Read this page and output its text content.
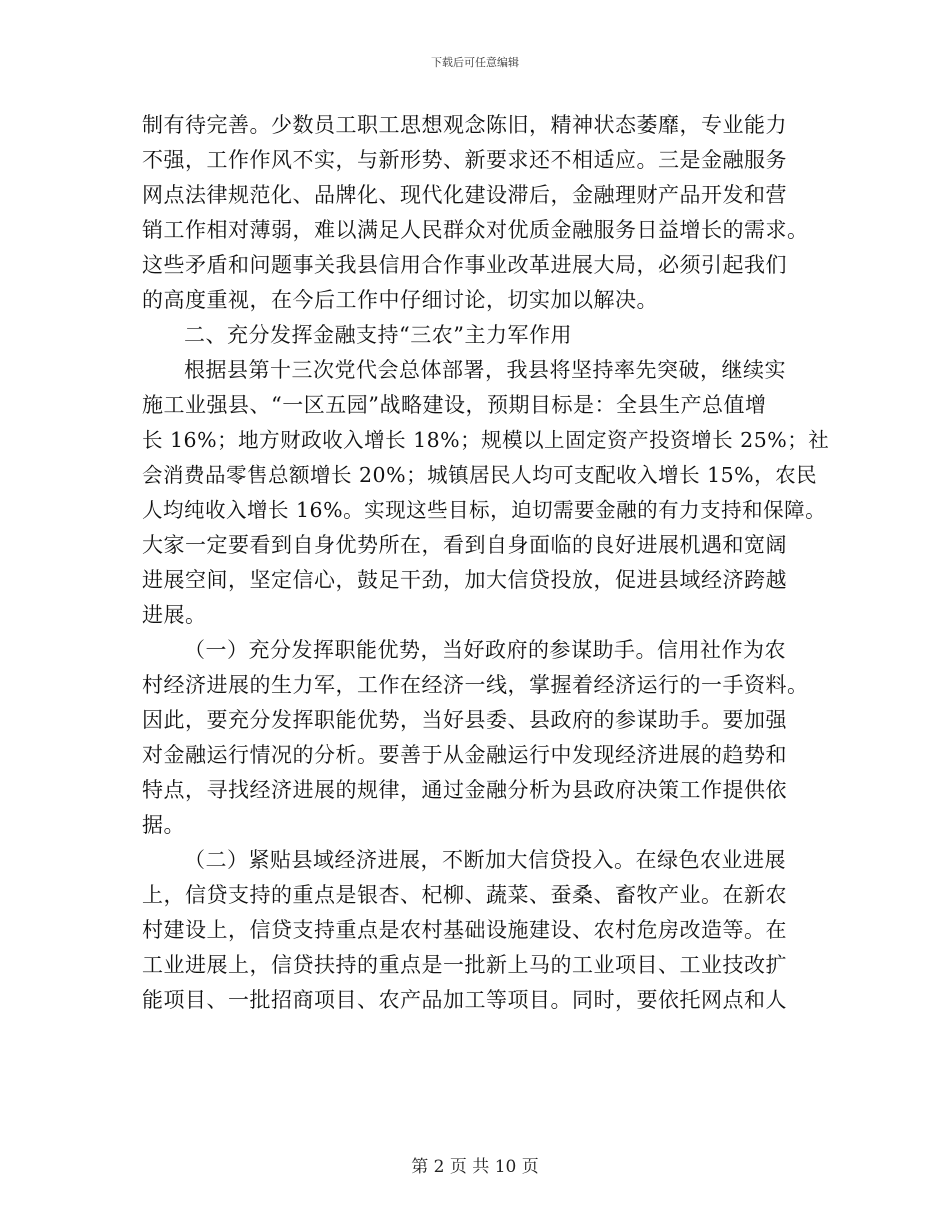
下载后可任意编辑
制有待完善。少数员工职工思想观念陈旧，精神状态萎靡，专业能力
不强，工作作风不实，与新形势、新要求还不相适应。三是金融服务
网点法律规范化、品牌化、现代化建设滞后，金融理财产品开发和营
销工作相对薄弱，难以满足人民群众对优质金融服务日益增长的需求。
这些矛盾和问题事关我县信用合作事业改革进展大局，必须引起我们
的高度重视，在今后工作中仔细讨论，切实加以解决。
二、充分发挥金融支持“三农”主力军作用
根据县第十三次党代会总体部署，我县将坚持率先突破，继续实
施工业强县、“一区五园”战略建设，预期目标是：全县生产总值增
长 16%；地方财政收入增长 18%；规模以上固定资产投资增长 25%；社
会消费品零售总额增长 20%；城镇居民人均可支配收入增长 15%，农民
人均纯收入增长 16%。实现这些目标，迫切需要金融的有力支持和保障。
大家一定要看到自身优势所在，看到自身面临的良好进展机遇和宽阔
进展空间，坚定信心，鼓足干劲，加大信贷投放，促进县域经济跨越
进展。
（一）充分发挥职能优势，当好政府的参谋助手。信用社作为农
村经济进展的生力军，工作在经济一线，掌握着经济运行的一手资料。
因此，要充分发挥职能优势，当好县委、县政府的参谋助手。要加强
对金融运行情况的分析。要善于从金融运行中发现经济进展的趋势和
特点，寻找经济进展的规律，通过金融分析为县政府决策工作提供依
据。
（二）紧贴县域经济进展，不断加大信贷投入。在绿色农业进展
上，信贷支持的重点是银杏、杞柳、蔬菜、蚕桑、畜牧产业。在新农
村建设上，信贷支持重点是农村基础设施建设、农村危房改造等。在
工业进展上，信贷扶持的重点是一批新上马的工业项目、工业技改扩
能项目、一批招商项目、农产品加工等项目。同时，要依托网点和人
第 2 页 共 10 页
